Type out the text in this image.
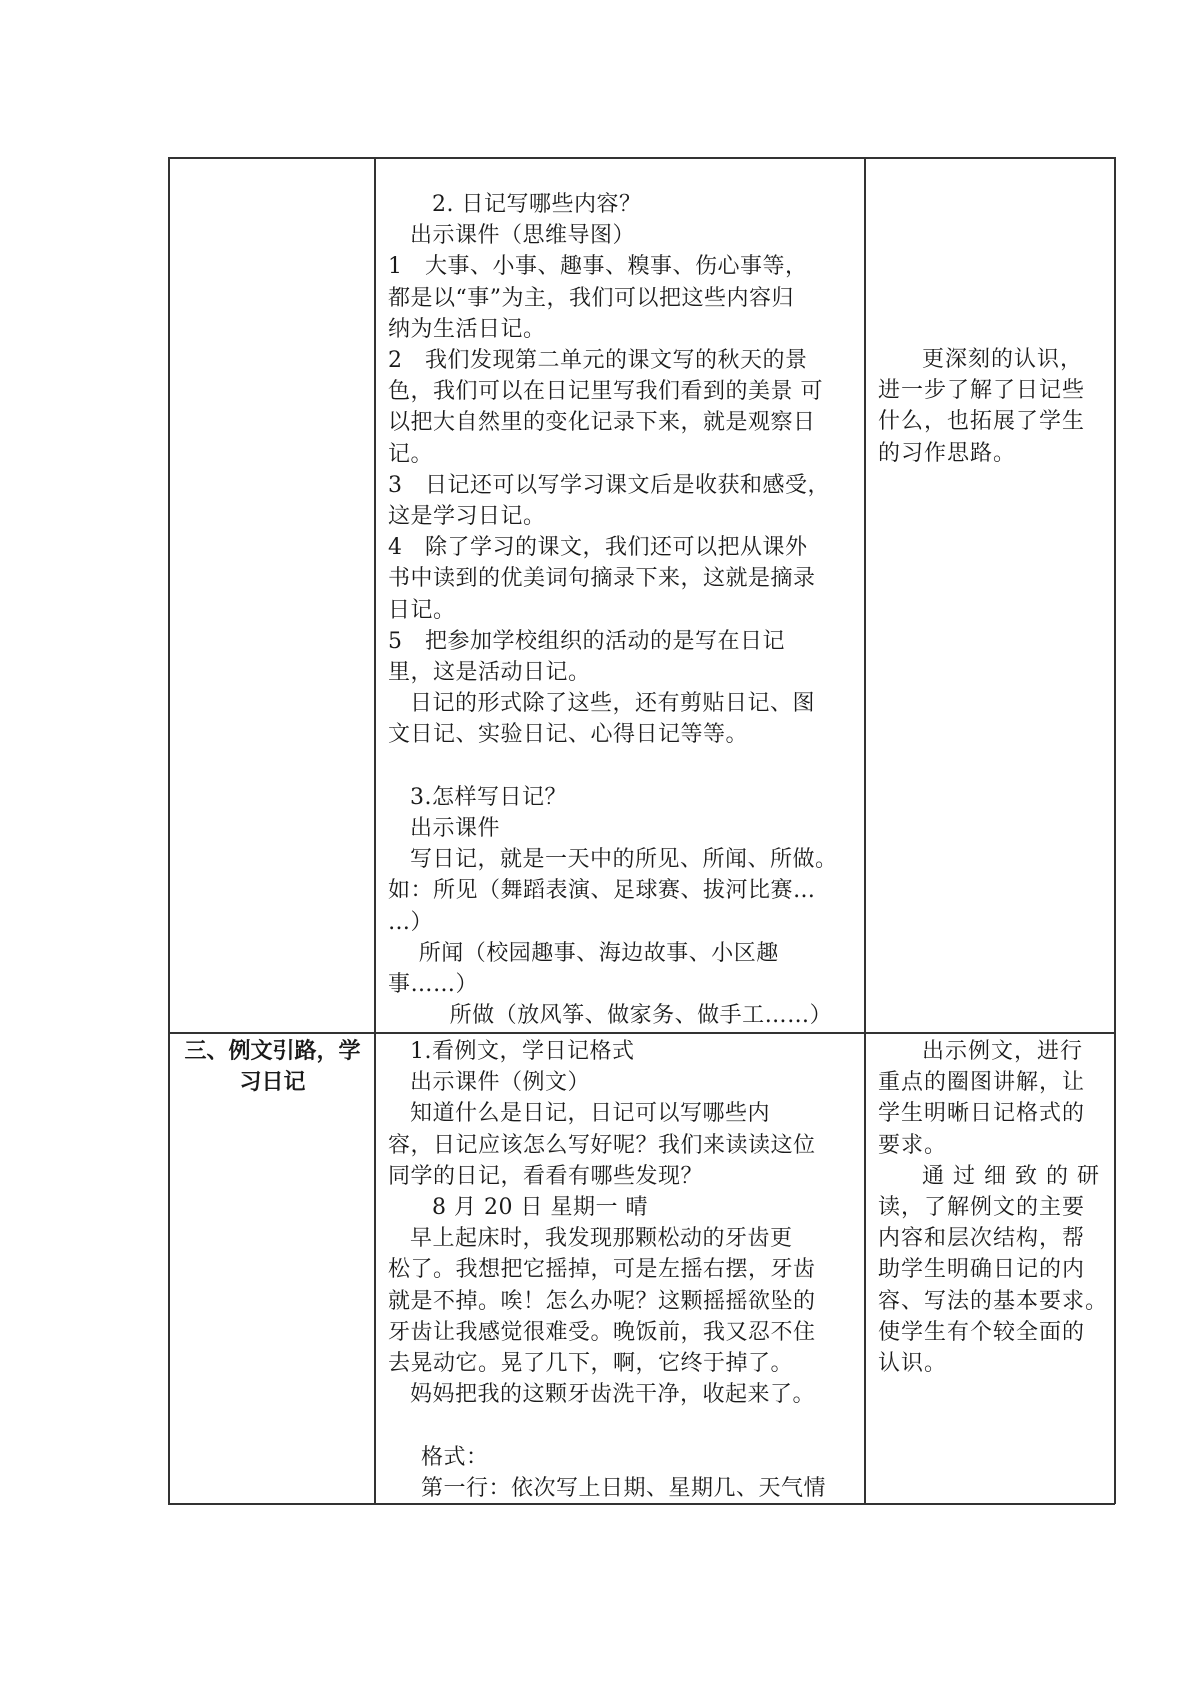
2. 日记写哪些内容？
出示课件（思维导图）
1　大事、小事、趣事、糗事、伤心事等，
都是以“事”为主，我们可以把这些内容归
纳为生活日记。
2　我们发现第二单元的课文写的秋天的景
色，我们可以在日记里写我们看到的美景 可
以把大自然里的变化记录下来，就是观察日
记。
3　日记还可以写学习课文后是收获和感受，
这是学习日记。
4　除了学习的课文，我们还可以把从课外
书中读到的优美词句摘录下来，这就是摘录
日记。
5　把参加学校组织的活动的是写在日记
里，这是活动日记。
日记的形式除了这些，还有剪贴日记、图
文日记、实验日记、心得日记等等。
3.怎样写日记？
出示课件
写日记，就是一天中的所见、所闻、所做。
如：所见（舞蹈表演、足球赛、拔河比赛…
…）
所闻（校园趣事、海边故事、小区趣
事……）
所做（放风筝、做家务、做手工……）
更深刻的认识，
进一步了解了日记些
什么，也拓展了学生
的习作思路。
三、例文引路，学
习日记
1.看例文，学日记格式
出示课件（例文）
知道什么是日记，日记可以写哪些内
容，日记应该怎么写好呢？我们来读读这位
同学的日记，看看有哪些发现？
8 月 20 日 星期一 晴
早上起床时，我发现那颗松动的牙齿更
松了。我想把它摇掉，可是左摇右摆，牙齿
就是不掉。唉！怎么办呢？这颗摇摇欲坠的
牙齿让我感觉很难受。晚饭前，我又忍不住
去晃动它。晃了几下，啊，它终于掉了。
妈妈把我的这颗牙齿洗干净，收起来了。
格式：
第一行：依次写上日期、星期几、天气情
出示例文，进行
重点的圈图讲解，让
学生明晰日记格式的
要求。
通 过 细 致 的 研
读，了解例文的主要
内容和层次结构，帮
助学生明确日记的内
容、写法的基本要求。
使学生有个较全面的
认识。
